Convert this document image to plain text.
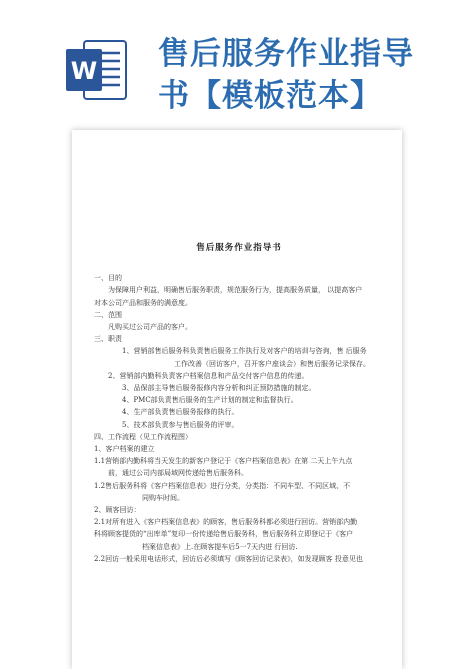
W 售后服务作业指导
书【模板范本】
售后服务作业指导书
一、目的
为保障用户利益，明确售后服务职责，规范服务行为，提高服务质量， 以提高客户
对本公司产品和服务的满意度。
二、范围
凡购买过公司产品的客户。
三、职责
1、营销部售后服务科负责售后服务工作执行及对客户的培训与咨询，售 后服务
工作改善（回访客户，召开客户座谈会）和售后服务记录保存。
2、营销部内勤科负责客户档案信息和产品交付客户信息的传递。
3、品保部主导售后服务报修内容分析和纠正预防措施的制定。
4、PMC部负责售后服务的生产计划的制定和监督执行。
4、生产部负责售后服务报修的执行。
5、技术部负责参与售后服务的评审。
四、工作流程（见工作流程图）
1、客户档案的建立
1.1营销部内勤科将当天发生的新客户登记于《客户档案信息表》在第 二天上午九点
前，通过公司内部局域网传递给售后服务科。
1.2售后服务科将《客户档案信息表》进行分类，分类指：不同车型、不同区域、不
同购车时间。
2、顾客回访：
2.1对所有进入《客户档案信息表》的顾客，售后服务科都必须进行回访。营销部内勤
科将顾客提货的“出库单”复印一份传递给售后服务科，售后服务科立即登记于《客户
档案信息表》上.在顾客提车后5一7天内进 行回访.
2.2回访一般采用电话形式，回访后必须填写《顾客回访记录表》，如发现顾客 投意见也
